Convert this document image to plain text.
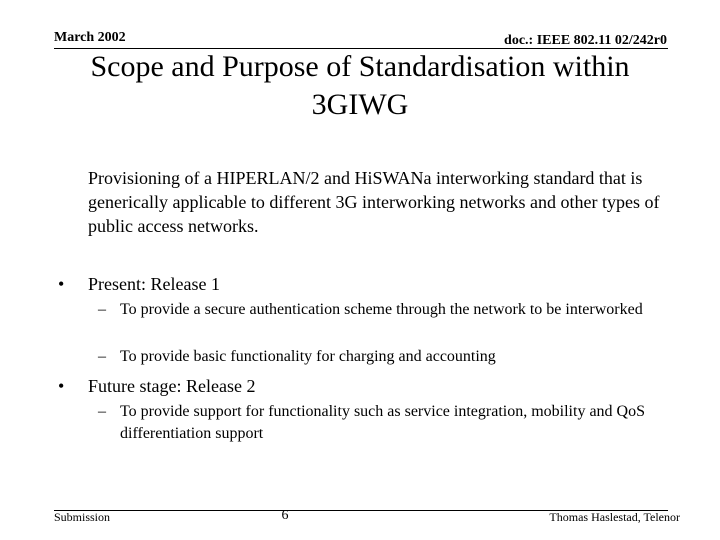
March 2002	doc.: IEEE 802.11 02/242r0
Scope and Purpose of Standardisation within 3GIWG
Provisioning of a HIPERLAN/2 and HiSWANa interworking standard that is generically applicable to different 3G interworking networks and other types of public access networks.
• Present: Release 1
– To provide a secure authentication scheme through the network to be interworked
– To provide basic functionality for charging and accounting
• Future stage: Release 2
– To provide support for functionality such as service integration, mobility and QoS differentiation support
Submission	6	Thomas Haslestad, Telenor
